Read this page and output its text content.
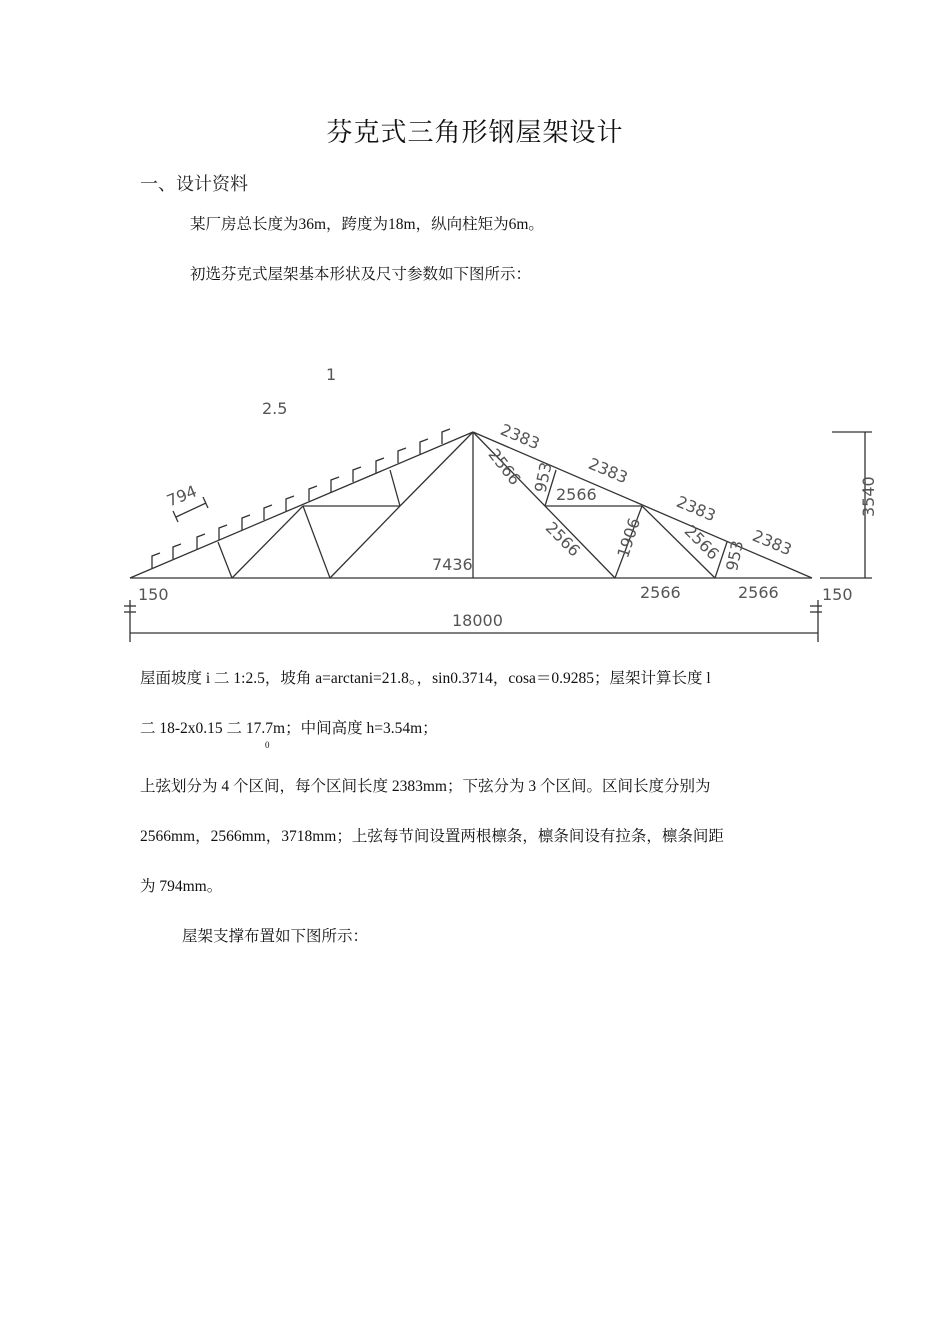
芬克式三角形钢屋架设计
一、设计资料
某厂房总长度为36m，跨度为18m，纵向柱矩为6m。
初选芬克式屋架基本形状及尺寸参数如下图所示：
1
2.5
794
2383
2383
2383
2383
2566 953
2566
2566 1906 2566 953
7436
2566	2566
150	150
18000
3540
屋面坡度 i 二 1:2.5，坡角 a=arctani=21.8。，sin0.3714，cosa＝0.9285；屋架计算长度 l
二 18-2x0.15 二 17.7m；中间高度 h=3.54m；
0
上弦划分为 4 个区间，每个区间长度 2383mm；下弦分为 3 个区间。区间长度分别为
2566mm，2566mm，3718mm；上弦每节间设置两根檩条，檩条间设有拉条，檩条间距
为 794mm。
屋架支撑布置如下图所示：
